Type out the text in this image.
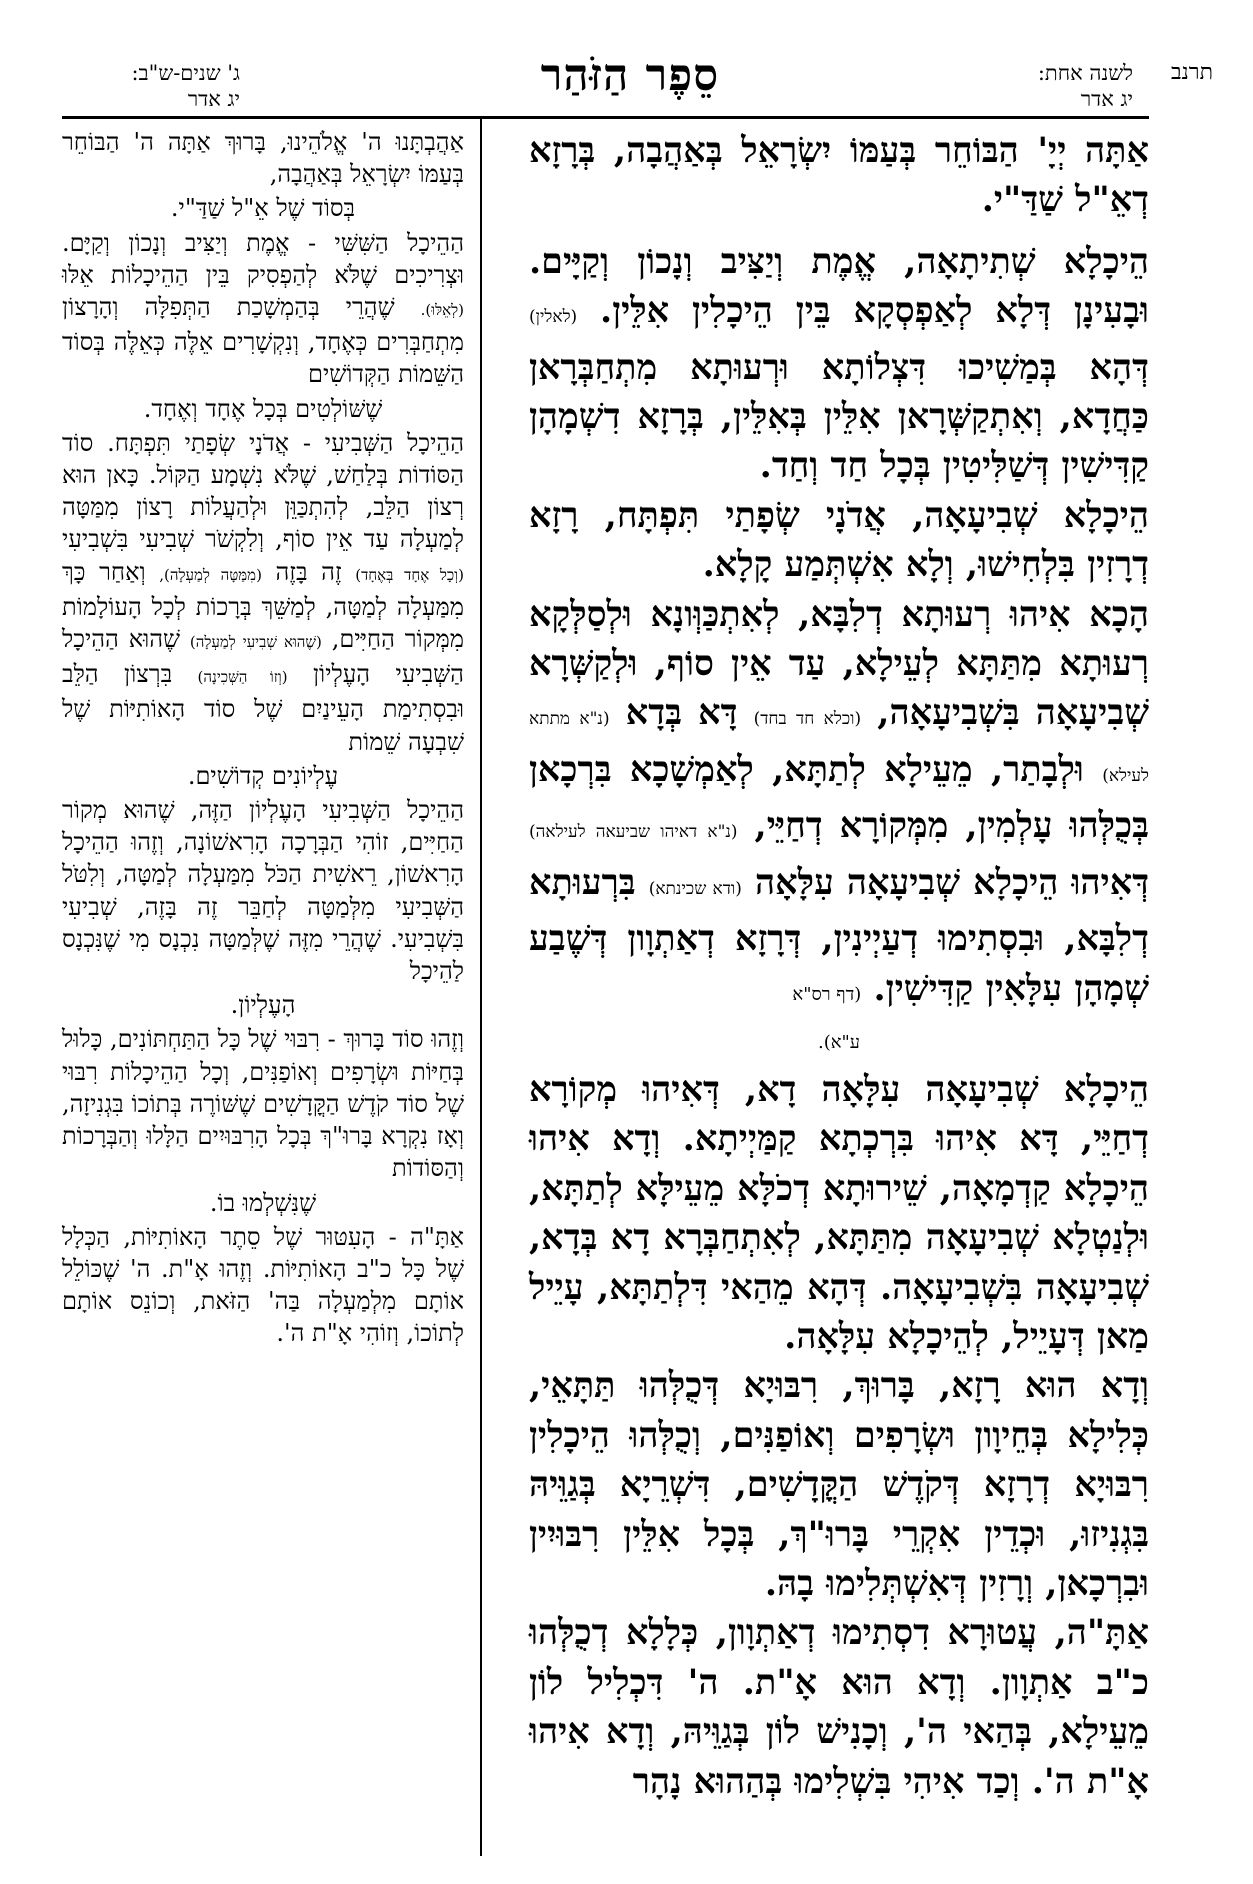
תרנב
לשנה אחת:
יג אדר
סֵפֶר הַזֹּהַר
ג' שנים-ש"ב:
יג אדר

אַתָּה יְיָ' הַבּוֹחֵר בְּעַמּוֹ יִשְׂרָאֵל בְּאַהֲבָה, בְּרָזָא דְאֵ"ל שַׁדַּ"י.

הֵיכָלָא שְׁתִיתָאָה, אֱמֶת וְיַצִּיב וְנָכוֹן וְקַיָּים. וּבָעִינָן דְּלָא לְאַפְסְקָא בֵּין הֵיכָלִין אִלֵּין. (לאלין) דְּהָא בְּמַשִׁיכוּ דִּצְלוֹתָא וּרְעוּתָא מִתְחַבְּרָאן כַּחֲדָא, וְאִתְקַשְּׁרָאן אִלֵּין בְּאִלֵּין, בְּרָזָא דִשְׁמָהָן קַדִּישִׁין דְּשַׁלִּיטִין בְּכָל חַד וְחַד.

הֵיכָלָא שְׁבִיעָאָה, אֲדֹנָי שְׂפָתַי תִּפְתָּח, רָזָא דְרָזִין בִּלְחִישׁוּ, וְלָא אִשְׁתְּמַע קָלָא.

הָכָא אִיהוּ רְעוּתָא דְלִבָּא, לְאִתְכַּוְּונָא וּלְסַלְּקָא רְעוּתָא מִתַּתָּא לְעֵילָא, עַד אֵין סוֹף, וּלְקַשְּׁרָא שְׁבִיעָאָה בִּשְׁבִיעָאָה, (וכלא חד בחד) דָּא בְּדָא (נ"א מתתא לעילא) וּלְבָתַר, מֵעֵילָא לְתַתָּא, לְאַמְשָׁכָא בִּרְכָאן בְּכֻלְּהוּ עָלְמִין, מִמְּקוֹרָא דְחַיֵּי, (נ"א דאיהו שביעאה לעילאה) דְּאִיהוּ הֵיכָלָא שְׁבִיעָאָה עִלָּאָה (ודא שכינתא) בִּרְעוּתָא דְלִבָּא, וּבִסְתִימוּ דְעַיְינִין, דְּרָזָא דְאַתְוָון דְּשֶׁבַע שְׁמָהָן עִלָּאִין קַדִּישִׁין. (דף רס"א

ע"א).

הֵיכָלָא שְׁבִיעָאָה עִלָּאָה דָא, דְּאִיהוּ מְקוֹרָא דְחַיֵּי, דָּא אִיהוּ בִּרְכְתָא קַמַּיְיתָא. וְדָא אִיהוּ הֵיכָלָא קַדְמָאָה, שֵׁירוּתָא דְכֹלָּא מֵעֵילָּא לְתַתָּא, וּלְנַטְלָא שְׁבִיעָאָה מִתַּתָּא, לְאִתְחַבְּרָא דָא בְּדָא, שְׁבִיעָאָה בִּשְׁבִיעָאָה. דְּהָא מֵהַאי דִּלְתַתָּא, עָיֵיל מַאן דְּעָיֵיל, לְהֵיכָלָא עִלָּאָה.

וְדָא הוּא רָזָא, בָּרוּךְ, רִבּוּיָא דְּכֻלְּהוּ תַּתָּאֵי, כְּלִילָא בְּחֵיוָון וּשְׂרָפִים וְאוֹפַנִּים, וְכֻלְּהוּ הֵיכָלִין רִבּוּיָא דְרָזָא דְּקֹדֶשׁ הַקֳּדָשִׁים, דִּשְׁרֵיָא בְּגַוֵּיהּ בִּגְנִיזוּ, וּכְדֵין אִקְרֵי בָּרוּ"ךְ, בְּכָל אִלֵּין רִבּוּיִין וּבִרְכָאן, וְרָזִין דְּאִשְׁתְּלִימוּ בָהּ.

אַתָּ"ה, עֲטוּרָא דִסְתִימוּ דְאַתְוָון, כְּלָלָא דְכֻלְּהוּ כ"ב אַתְוָון. וְדָא הוּא אָ"ת. ה' דִּכְלִיל לוֹן מֵעֵילָא, בְּהַאי ה', וְכָנִישׁ לוֹן בְּגַוֵּיהּ, וְדָא אִיהוּ אָ"ת ה'. וְכַד אִיהִי בִּשְׁלִימוּ בְּהַהוּא נָהָר

אַהֲבְתָּנוּ ה' אֱלֹהֵינוּ, בָּרוּךְ אַתָּה ה' הַבּוֹחֵר בְּעַמּוֹ יִשְׂרָאֵל בְּאַהֲבָה,

בְּסוֹד שֶׁל אֵ"ל שַׁדַּ"י.

הַהֵיכָל הַשִּׁשִּׁי - אֱמֶת וְיַצִּיב וְנָכוֹן וְקַיָּם. וּצְרִיכִים שֶׁלֹּא לְהַפְסִיק בֵּין הַהֵיכָלוֹת אֵלּוּ (לְאֵלּוּ). שֶׁהֲרֵי בְּהַמְשָׁכַת הַתְּפִלָּה וְהָרָצוֹן מִתְחַבְּרִים כְּאֶחָד, וְנִקְשָׁרִים אֵלֶּה כְּאֵלֶּה בְּסוֹד הַשֵּׁמוֹת הַקְּדוֹשִׁים

שֶׁשּׁוֹלְטִים בְּכָל אֶחָד וְאֶחָד.

הַהֵיכָל הַשְּׁבִיעִי - אֲדֹנָי שְׂפָתַי תִּפְתָּח. סוֹד הַסּוֹדוֹת בְּלַחַשׁ, שֶׁלֹּא נִשְׁמָע הַקּוֹל. כָּאן הוּא רְצוֹן הַלֵּב, לְהִתְכַּוֵּן וּלְהַעֲלוֹת רָצוֹן מִמַּטָּה לְמַעְלָה עַד אֵין סוֹף, וְלִקְשֹׁר שְׁבִיעִי בִּשְׁבִיעִי (וְכָל אֶחָד בְּאֶחָד) זֶה בָּזֶה (מִמַּטָּה לְמַעְלָה), וְאַחַר כָּךְ מִמַּעְלָה לְמַטָּה, לְמַשֵּׁךְ בְּרָכוֹת לְכָל הָעוֹלָמוֹת מִמְּקוֹר הַחַיִּים, (שֶׁהוּא שְׁבִיעִי לְמַעְלָה) שֶׁהוּא הַהֵיכָל הַשְּׁבִיעִי הָעֶלְיוֹן (וְזוֹ הַשְּׁכִינָה) בִּרְצוֹן הַלֵּב וּבִסְתִימַת הָעֵינַיִם שֶׁל סוֹד הָאוֹתִיּוֹת שֶׁל שִׁבְעָה שֵׁמוֹת

עֶלְיוֹנִים קְדוֹשִׁים.

הַהֵיכָל הַשְּׁבִיעִי הָעֶלְיוֹן הַזֶּה, שֶׁהוּא מְקוֹר הַחַיִּים, זוֹהִי הַבְּרָכָה הָרִאשׁוֹנָה, וְזֶהוּ הַהֵיכָל הָרִאשׁוֹן, רֵאשִׁית הַכֹּל מִמַּעְלָה לְמַטָּה, וְלִטֹּל הַשְּׁבִיעִי מִלְּמַטָּה לְחַבֵּר זֶה בָּזֶה, שְׁבִיעִי בִּשְׁבִיעִי. שֶׁהֲרֵי מִזֶּה שֶׁלְּמַטָּה נִכְנָס מִי שֶׁנִּכְנָס לַהֵיכָל

הָעֶלְיוֹן.

וְזֶהוּ סוֹד בָּרוּךְ - רִבּוּי שֶׁל כָּל הַתַּחְתּוֹנִים, כָּלוּל בְּחַיּוֹת וּשְׂרָפִים וְאוֹפַנִּים, וְכָל הַהֵיכָלוֹת רִבּוּי שֶׁל סוֹד קֹדֶשׁ הַקֳּדָשִׁים שֶׁשּׁוֹרֶה בְּתוֹכוֹ בִּגְנִיזָה, וְאָז נִקְרָא בָּרוּ"ךְ בְּכָל הָרִבּוּיִים הַלָּלוּ וְהַבְּרָכוֹת וְהַסּוֹדוֹת

שֶׁנִּשְׁלְמוּ בוֹ.

אַתָּ"ה - הָעִטּוּר שֶׁל סֵתֶר הָאוֹתִיּוֹת, הַכְּלָל שֶׁל כָּל כ"ב הָאוֹתִיּוֹת. וְזֶהוּ אָ"ת. ה' שֶׁכּוֹלֵל אוֹתָם מִלְמַעְלָה בַּה' הַזֹּאת, וְכוֹנֵס אוֹתָם לְתוֹכוֹ, וְזוֹהִי אָ"ת ה'.
